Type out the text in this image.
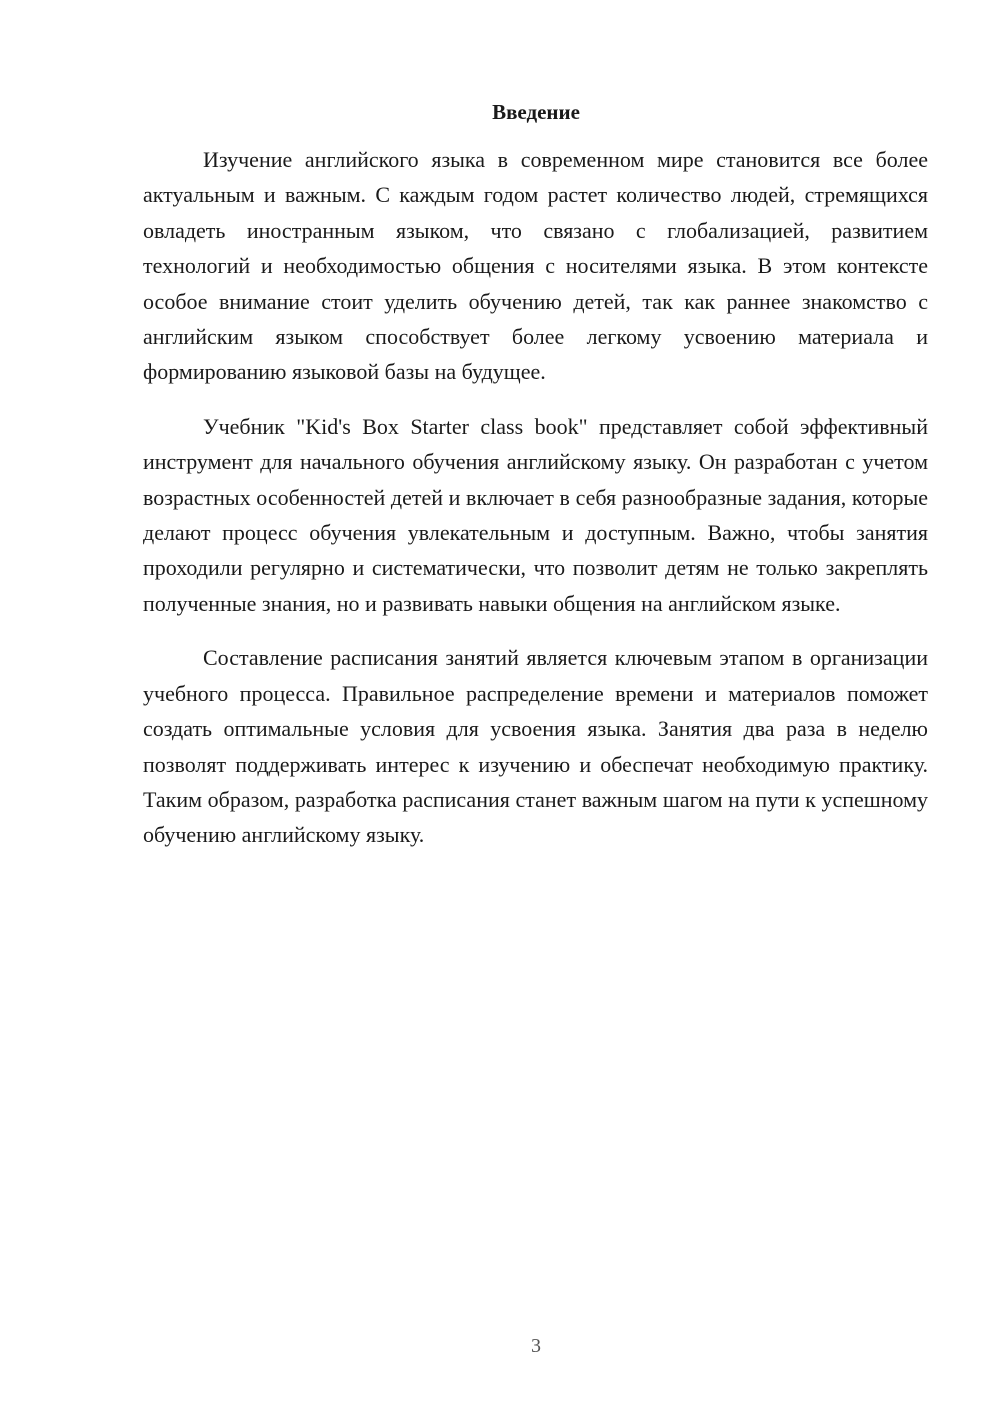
Введение

Изучение английского языка в современном мире становится все более актуальным и важным. С каждым годом растет количество людей, стремящихся овладеть иностранным языком, что связано с глобализацией, развитием технологий и необходимостью общения с носителями языка. В этом контексте особое внимание стоит уделить обучению детей, так как раннее знакомство с английским языком способствует более легкому усвоению материала и формированию языковой базы на будущее.

Учебник "Kid's Box Starter class book" представляет собой эффективный инструмент для начального обучения английскому языку. Он разработан с учетом возрастных особенностей детей и включает в себя разнообразные задания, которые делают процесс обучения увлекательным и доступным. Важно, чтобы занятия проходили регулярно и систематически, что позволит детям не только закреплять полученные знания, но и развивать навыки общения на английском языке.

Составление расписания занятий является ключевым этапом в организации учебного процесса. Правильное распределение времени и материалов поможет создать оптимальные условия для усвоения языка. Занятия два раза в неделю позволят поддерживать интерес к изучению и обеспечат необходимую практику. Таким образом, разработка расписания станет важным шагом на пути к успешному обучению английскому языку.

3
